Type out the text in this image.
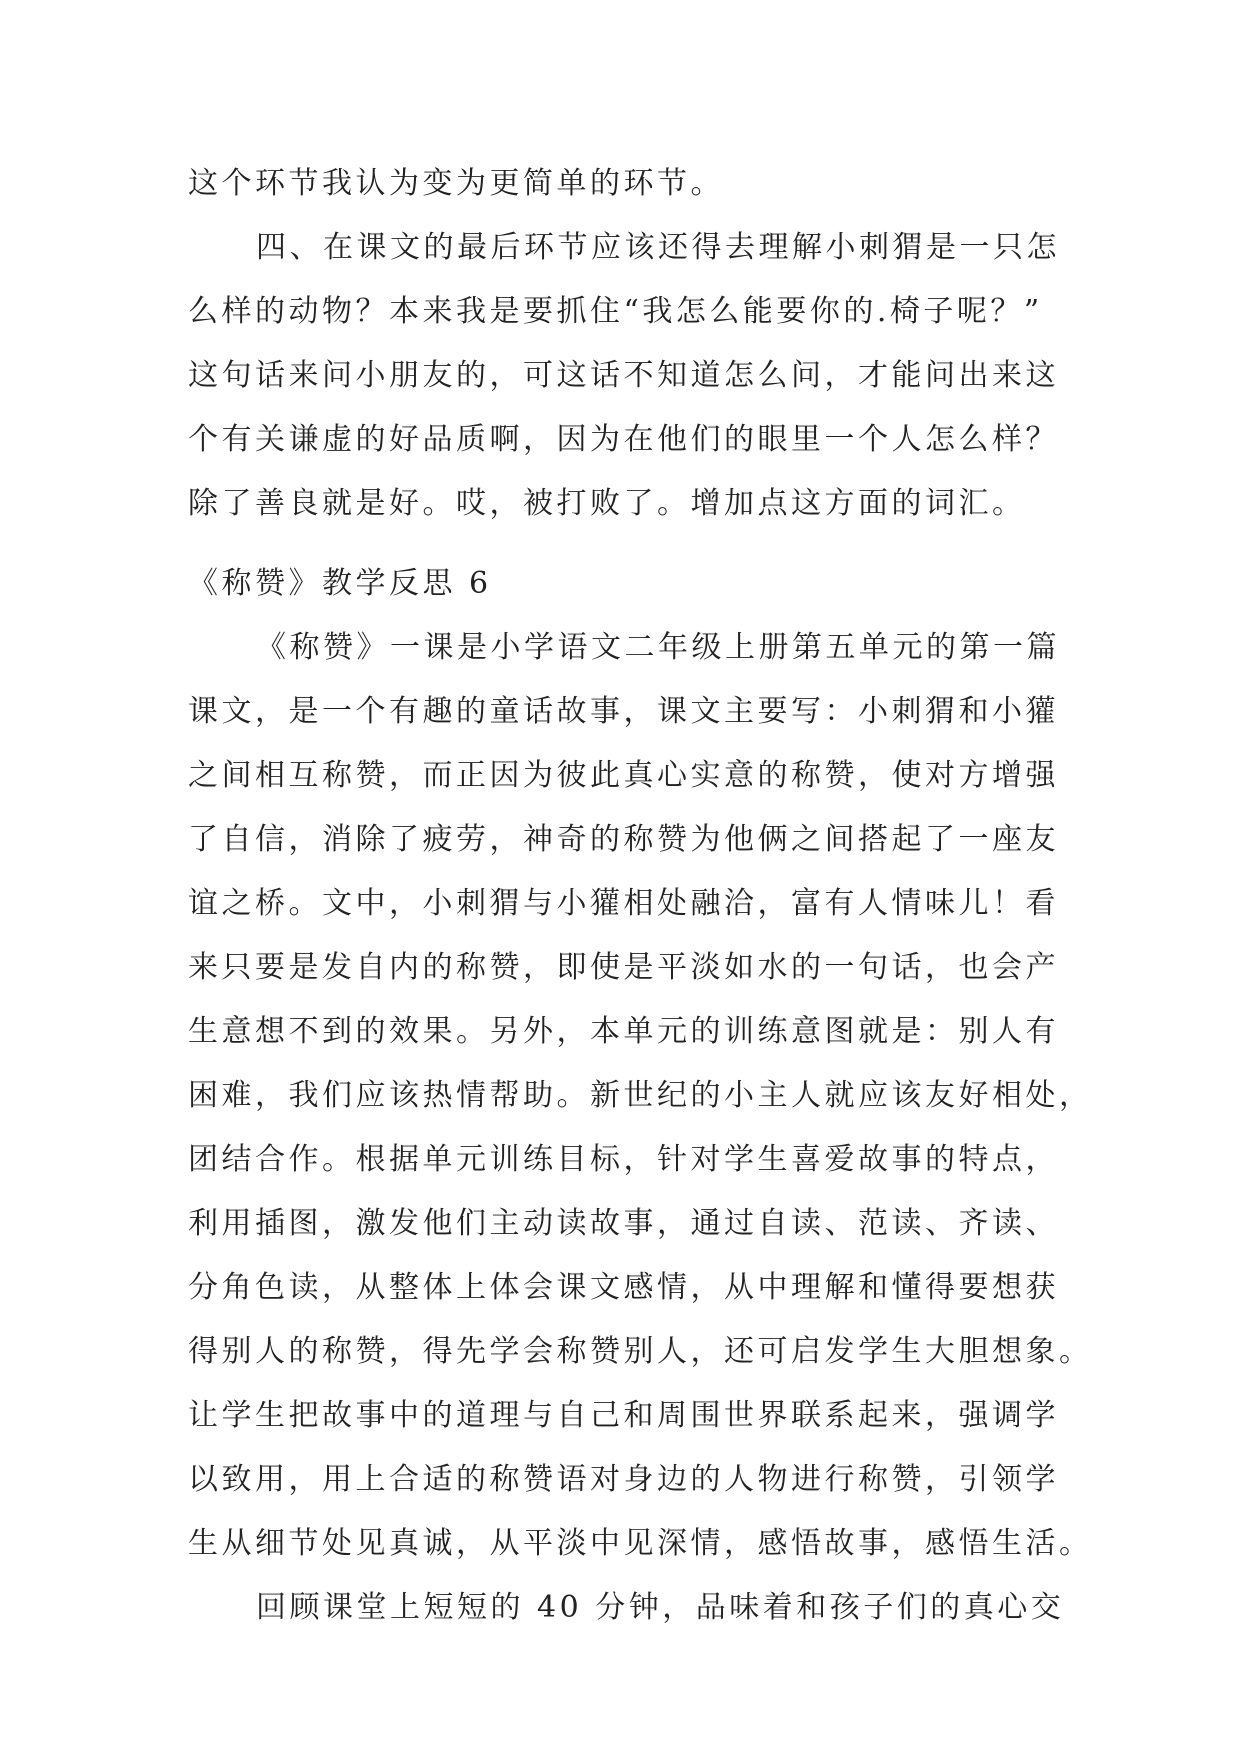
这个环节我认为变为更简单的环节。
四、在课文的最后环节应该还得去理解小刺猬是一只怎
么样的动物？本来我是要抓住“我怎么能要你的.椅子呢？”
这句话来问小朋友的，可这话不知道怎么问，才能问出来这
个有关谦虚的好品质啊，因为在他们的眼里一个人怎么样？
除了善良就是好。哎，被打败了。增加点这方面的词汇。
《称赞》教学反思 6
《称赞》一课是小学语文二年级上册第五单元的第一篇
课文，是一个有趣的童话故事，课文主要写：小刺猬和小獾
之间相互称赞，而正因为彼此真心实意的称赞，使对方增强
了自信，消除了疲劳，神奇的称赞为他俩之间搭起了一座友
谊之桥。文中，小刺猬与小獾相处融洽，富有人情味儿！看
来只要是发自内的称赞，即使是平淡如水的一句话，也会产
生意想不到的效果。另外，本单元的训练意图就是：别人有
困难，我们应该热情帮助。新世纪的小主人就应该友好相处，
团结合作。根据单元训练目标，针对学生喜爱故事的特点，
利用插图，激发他们主动读故事，通过自读、范读、齐读、
分角色读，从整体上体会课文感情，从中理解和懂得要想获
得别人的称赞，得先学会称赞别人，还可启发学生大胆想象。
让学生把故事中的道理与自己和周围世界联系起来，强调学
以致用，用上合适的称赞语对身边的人物进行称赞，引领学
生从细节处见真诚，从平淡中见深情，感悟故事，感悟生活。
回顾课堂上短短的 40 分钟，品味着和孩子们的真心交
